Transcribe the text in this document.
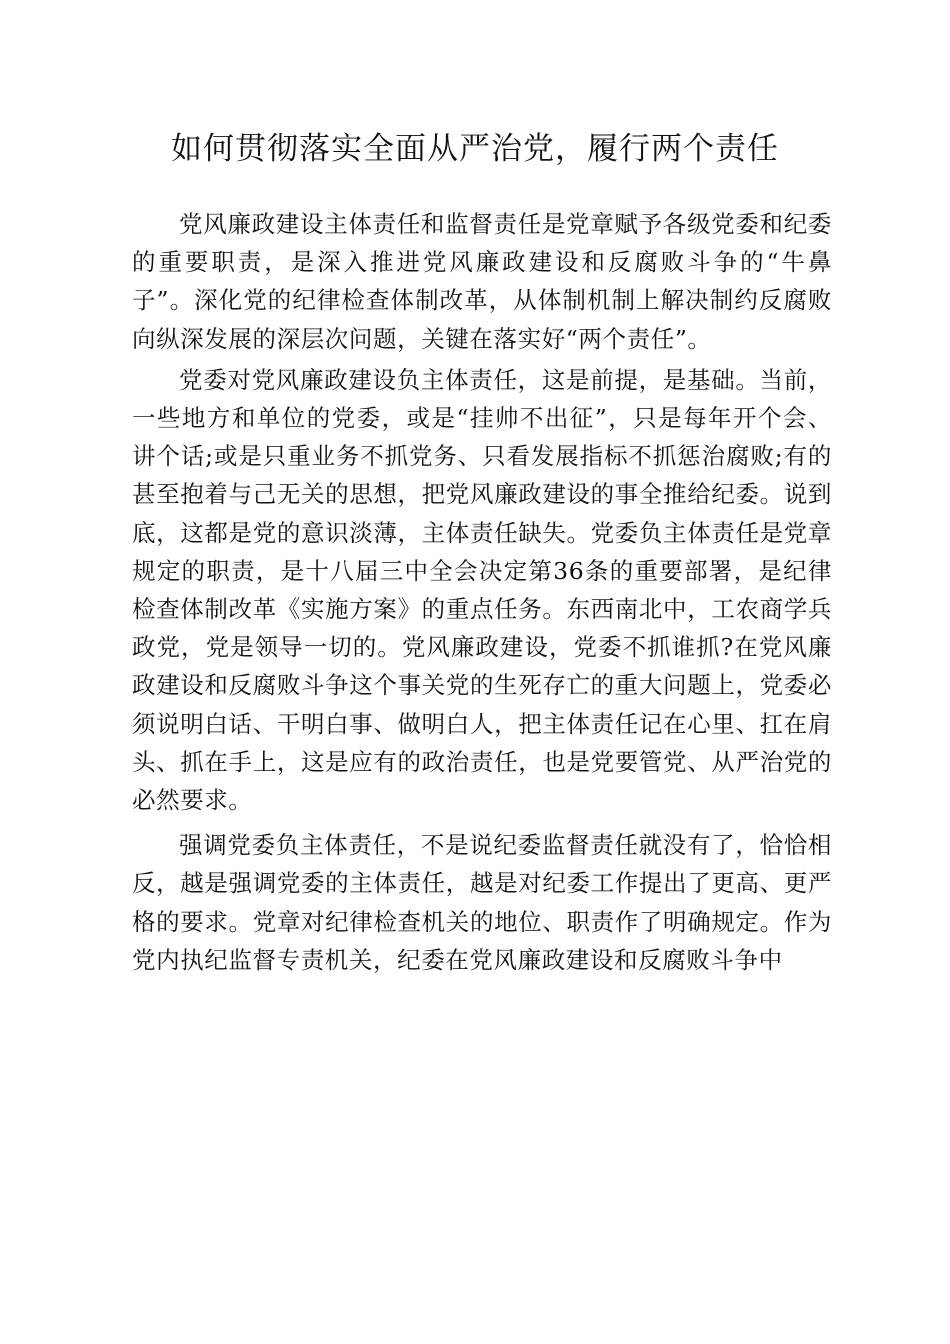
如何贯彻落实全面从严治党，履行两个责任

党风廉政建设主体责任和监督责任是党章赋予各级党委和纪委的重要职责，是深入推进党风廉政建设和反腐败斗争的“牛鼻子”。深化党的纪律检查体制改革，从体制机制上解决制约反腐败向纵深发展的深层次问题，关键在落实好“两个责任”。

党委对党风廉政建设负主体责任，这是前提，是基础。当前，一些地方和单位的党委，或是“挂帅不出征”，只是每年开个会、讲个话;或是只重业务不抓党务、只看发展指标不抓惩治腐败;有的甚至抱着与己无关的思想，把党风廉政建设的事全推给纪委。说到底，这都是党的意识淡薄，主体责任缺失。党委负主体责任是党章规定的职责，是十八届三中全会决定第36条的重要部署，是纪律检查体制改革《实施方案》的重点任务。东西南北中，工农商学兵政党，党是领导一切的。党风廉政建设，党委不抓谁抓?在党风廉政建设和反腐败斗争这个事关党的生死存亡的重大问题上，党委必须说明白话、干明白事、做明白人，把主体责任记在心里、扛在肩头、抓在手上，这是应有的政治责任，也是党要管党、从严治党的必然要求。

强调党委负主体责任，不是说纪委监督责任就没有了，恰恰相反，越是强调党委的主体责任，越是对纪委工作提出了更高、更严格的要求。党章对纪律检查机关的地位、职责作了明确规定。作为党内执纪监督专责机关，纪委在党风廉政建设和反腐败斗争中
